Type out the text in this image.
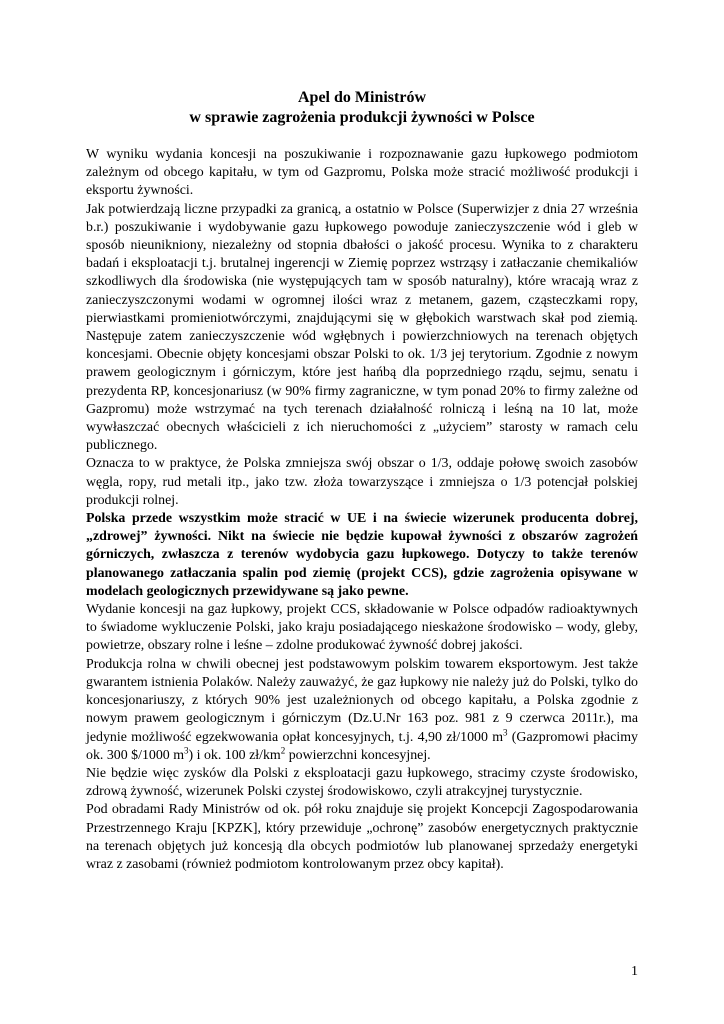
Apel do Ministrów
w sprawie zagrożenia produkcji żywności w Polsce

W wyniku wydania koncesji na poszukiwanie i rozpoznawanie gazu łupkowego podmiotom zależnym od obcego kapitału, w tym od Gazpromu, Polska może stracić możliwość produkcji i eksportu żywności.

Jak potwierdzają liczne przypadki za granicą, a ostatnio w Polsce (Superwizjer z dnia 27 września b.r.) poszukiwanie i wydobywanie gazu łupkowego powoduje zanieczyszczenie wód i gleb w sposób nieunikniony, niezależny od stopnia dbałości o jakość procesu. Wynika to z charakteru badań i eksploatacji t.j. brutalnej ingerencji w Ziemię poprzez wstrząsy i zatłaczanie chemikaliów szkodliwych dla środowiska (nie występujących tam w sposób naturalny), które wracają wraz z zanieczyszczonymi wodami w ogromnej ilości wraz z metanem, gazem, cząsteczkami ropy, pierwiastkami promieniotwórczymi, znajdującymi się w głębokich warstwach skał pod ziemią. Następuje zatem zanieczyszczenie wód wgłębnych i powierzchniowych na terenach objętych koncesjami. Obecnie objęty koncesjami obszar Polski to ok. 1/3 jej terytorium. Zgodnie z nowym prawem geologicznym i górniczym, które jest hańbą dla poprzedniego rządu, sejmu, senatu i prezydenta RP, koncesjonariusz (w 90% firmy zagraniczne, w tym ponad 20% to firmy zależne od Gazpromu) może wstrzymać na tych terenach działalność rolniczą i leśną na 10 lat, może wywłaszczać obecnych właścicieli z ich nieruchomości z „użyciem” starosty w ramach celu publicznego.

Oznacza to w praktyce, że Polska zmniejsza swój obszar o 1/3, oddaje połowę swoich zasobów węgla, ropy, rud metali itp., jako tzw. złoża towarzyszące i zmniejsza o 1/3 potencjał polskiej produkcji rolnej.

Polska przede wszystkim może stracić w UE i na świecie wizerunek producenta dobrej, „zdrowej” żywności. Nikt na świecie nie będzie kupował żywności z obszarów zagrożeń górniczych, zwłaszcza z terenów wydobycia gazu łupkowego. Dotyczy to także terenów planowanego zatłaczania spalin pod ziemię (projekt CCS), gdzie zagrożenia opisywane w modelach geologicznych przewidywane są jako pewne.

Wydanie koncesji na gaz łupkowy, projekt CCS, składowanie w Polsce odpadów radioaktywnych to świadome wykluczenie Polski, jako kraju posiadającego nieskażone środowisko – wody, gleby, powietrze, obszary rolne i leśne – zdolne produkować żywność dobrej jakości.

Produkcja rolna w chwili obecnej jest podstawowym polskim towarem eksportowym. Jest także gwarantem istnienia Polaków. Należy zauważyć, że gaz łupkowy nie należy już do Polski, tylko do koncesjonariuszy, z których 90% jest uzależnionych od obcego kapitału, a Polska zgodnie z nowym prawem geologicznym i górniczym (Dz.U.Nr 163 poz. 981 z 9 czerwca 2011r.), ma jedynie możliwość egzekwowania opłat koncesyjnych, t.j. 4,90 zł/1000 $m^3$ (Gazpromowi płacimy ok. 300 $/1000 $m^3$) i ok. 100 $zł/km^2$ powierzchni koncesyjnej.

Nie będzie więc zysków dla Polski z eksploatacji gazu łupkowego, stracimy czyste środowisko, zdrową żywność, wizerunek Polski czystej środowiskowo, czyli atrakcyjnej turystycznie.

Pod obradami Rady Ministrów od ok. pół roku znajduje się projekt Koncepcji Zagospodarowania Przestrzennego Kraju [KPZK], który przewiduje „ochronę” zasobów energetycznych praktycznie na terenach objętych już koncesją dla obcych podmiotów lub planowanej sprzedaży energetyki wraz z zasobami (również podmiotom kontrolowanym przez obcy kapitał).

1
